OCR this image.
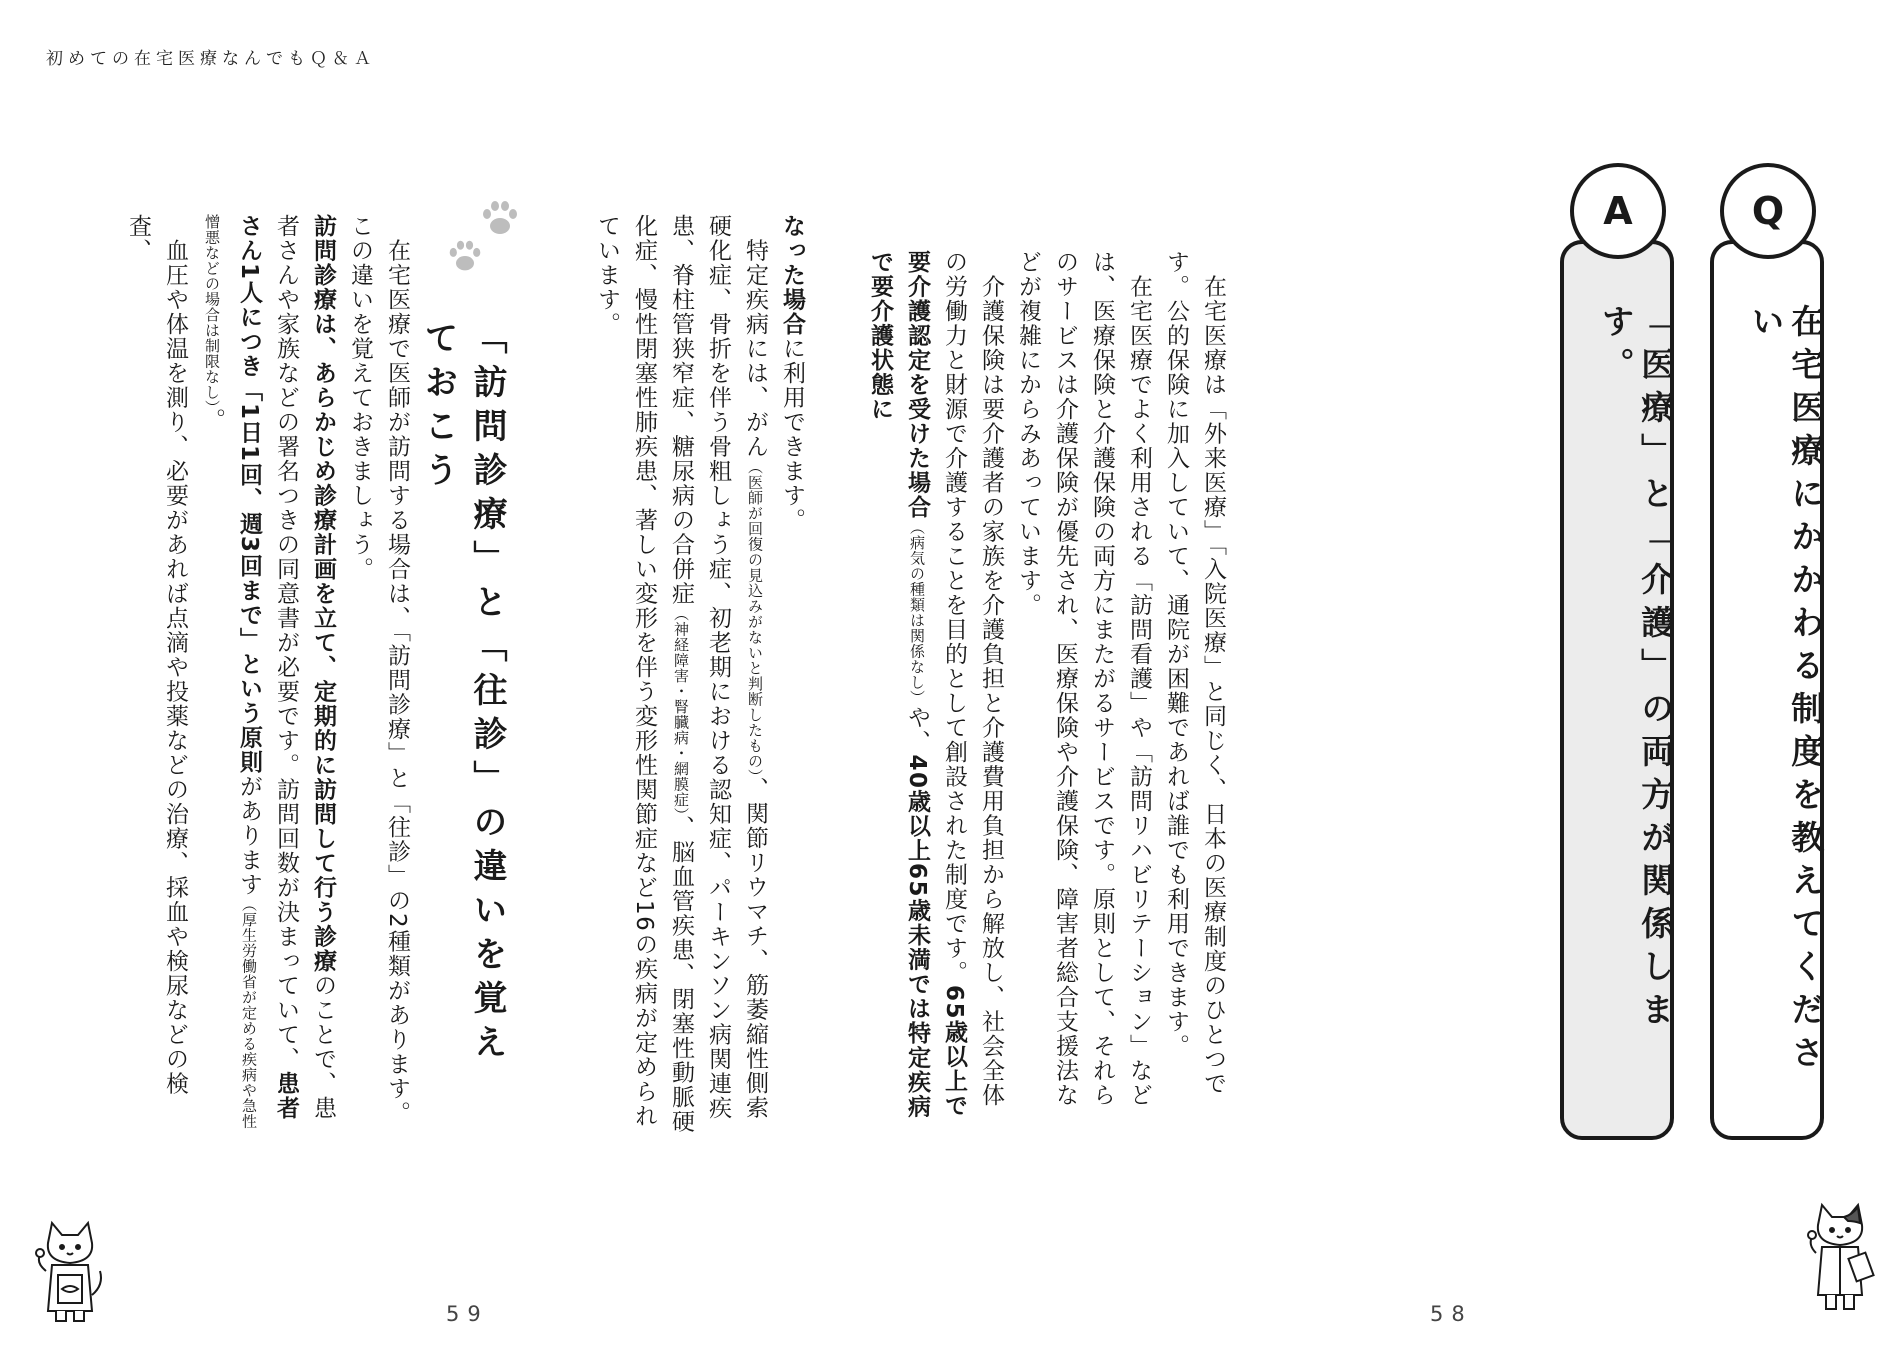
初めての在宅医療なんでもＱ＆Ａ
在宅医療にかかわる制度を教えてください
Q
「医療」と「介護」の両方が関係します。
A
　在宅医療は「外来医療」「入院医療」と同じく、日本の医療制度のひとつです。公的保険に加入していて、通院が困難であれば誰でも利用できます。
　在宅医療でよく利用される「訪問看護」や「訪問リハビリテーション」などは、医療保険と介護保険の両方にまたがるサービスです。原則として、それらのサービスは介護保険が優先され、医療保険や介護保険、障害者総合支援法などが複雑にからみあっています。
　介護保険は要介護者の家族を介護負担と介護費用負担から解放し、社会全体の労働力と財源で介護することを目的として創設された制度です。65歳以上で要介護認定を受けた場合（病気の種類は関係なし）や、40歳以上65歳未満では特定疾病で要介護状態に
58
なった場合に利用できます。
　特定疾病には、がん（医師が回復の見込みがないと判断したもの）、関節リウマチ、筋萎縮性側索硬化症、骨折を伴う骨粗しょう症、初老期における認知症、パーキンソン病関連疾患、脊柱管狭窄症、糖尿病の合併症（神経障害・腎臓病・網膜症）、脳血管疾患、閉塞性動脈硬化症、慢性閉塞性肺疾患、著しい変形を伴う変形性関節症など16の疾病が定められています。
「訪問診療」と「往診」の違いを覚えておこう
　在宅医療で医師が訪問する場合は、「訪問診療」と「往診」の2種類があります。この違いを覚えておきましょう。
訪問診療は、あらかじめ診療計画を立て、定期的に訪問して行う診療のことで、患者さんや家族などの署名つきの同意書が必要です。訪問回数が決まっていて、患者さん1人につき「1日1回、週3回まで」という原則があります（厚生労働省が定める疾病や急性憎悪などの場合は制限なし）。
　血圧や体温を測り、必要があれば点滴や投薬などの治療、採血や検尿などの検査、
59
